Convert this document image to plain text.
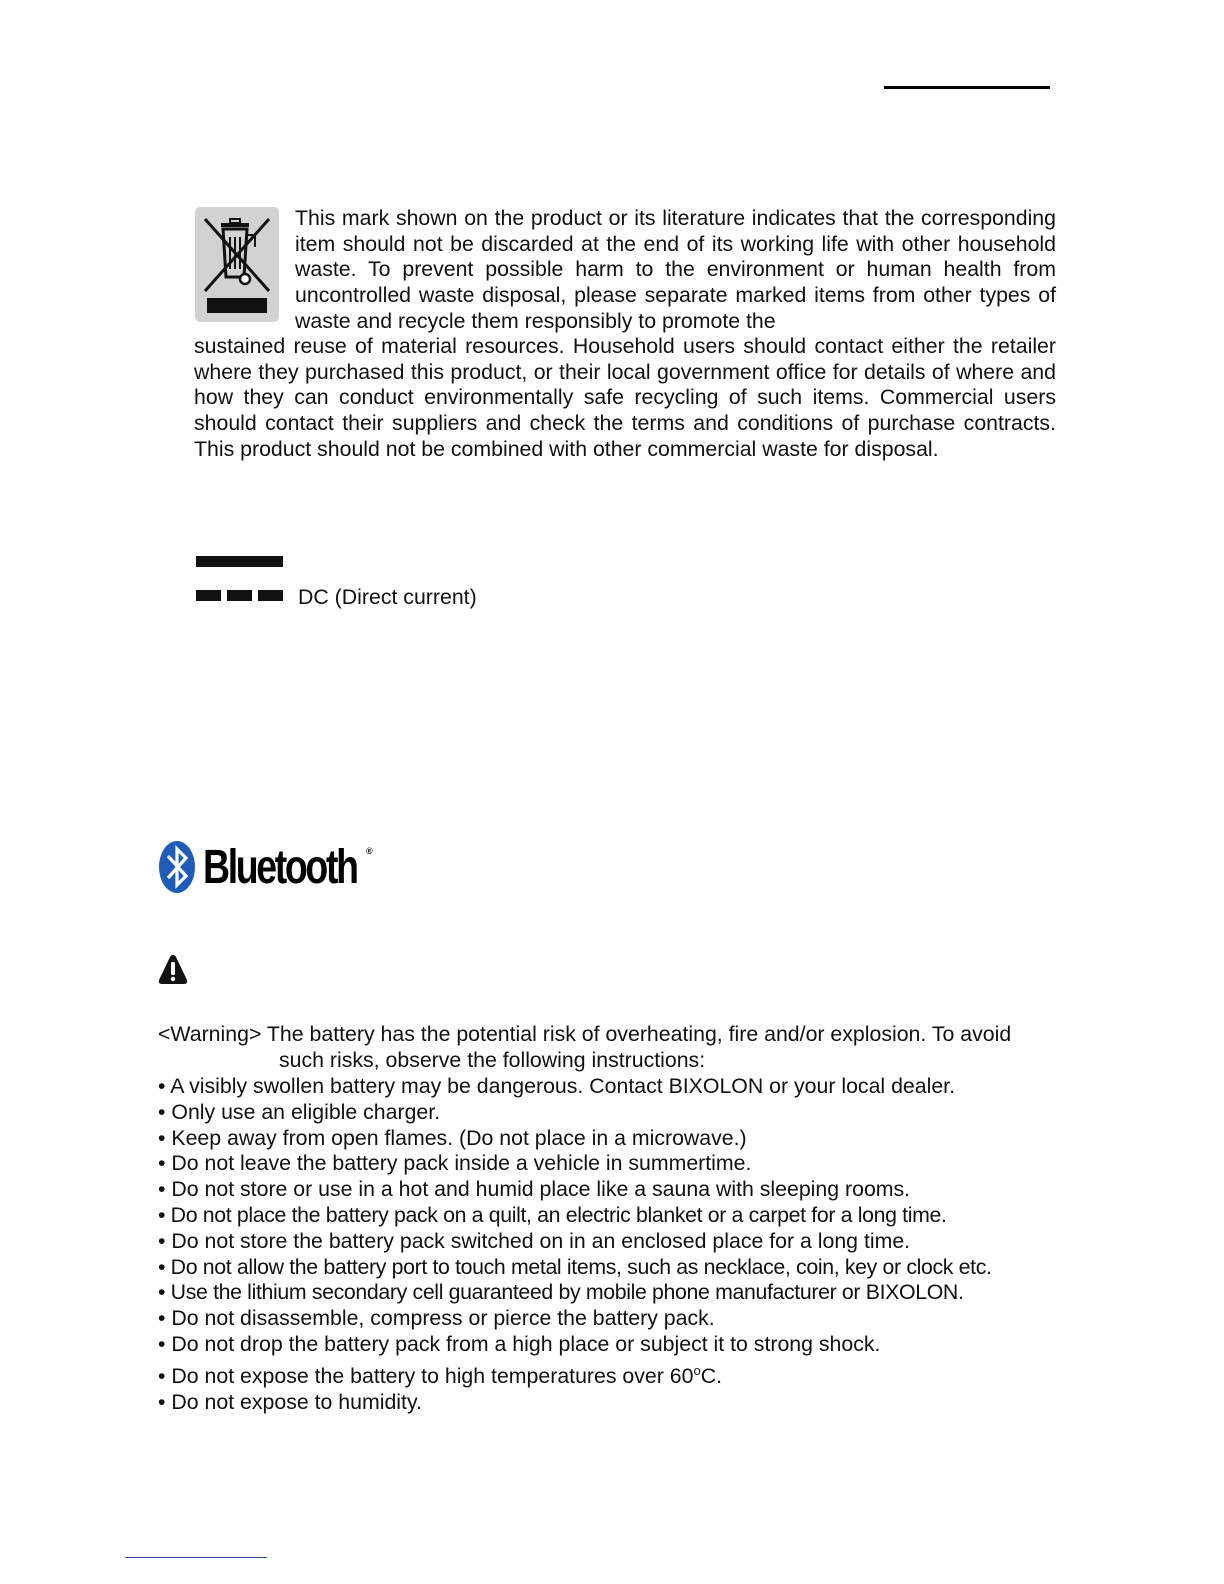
This mark shown on the product or its literature indicates that the corresponding item should not be discarded at the end of its working life with other household waste. To prevent possible harm to the environment or human health from uncontrolled waste disposal, please separate marked items from other types of waste and recycle them responsibly to promote the

sustained reuse of material resources. Household users should contact either the retailer where they purchased this product, or their local government office for details of where and how they can conduct environmentally safe recycling of such items. Commercial users should contact their suppliers and check the terms and conditions of purchase contracts. This product should not be combined with other commercial waste for disposal.

DC (Direct current)
Bluetooth ®

<Warning> The battery has the potential risk of overheating, fire and/or explosion. To avoid
such risks, observe the following instructions:

• A visibly swollen battery may be dangerous. Contact BIXOLON or your local dealer.
• Only use an eligible charger.
• Keep away from open flames. (Do not place in a microwave.)
• Do not leave the battery pack inside a vehicle in summertime.
• Do not store or use in a hot and humid place like a sauna with sleeping rooms.
• Do not place the battery pack on a quilt, an electric blanket or a carpet for a long time.
• Do not store the battery pack switched on in an enclosed place for a long time.
• Do not allow the battery port to touch metal items, such as necklace, coin, key or clock etc.
• Use the lithium secondary cell guaranteed by mobile phone manufacturer or BIXOLON.
• Do not disassemble, compress or pierce the battery pack.
• Do not drop the battery pack from a high place or subject it to strong shock.
• Do not expose the battery to high temperatures over 60$^o$C.
• Do not expose to humidity.
